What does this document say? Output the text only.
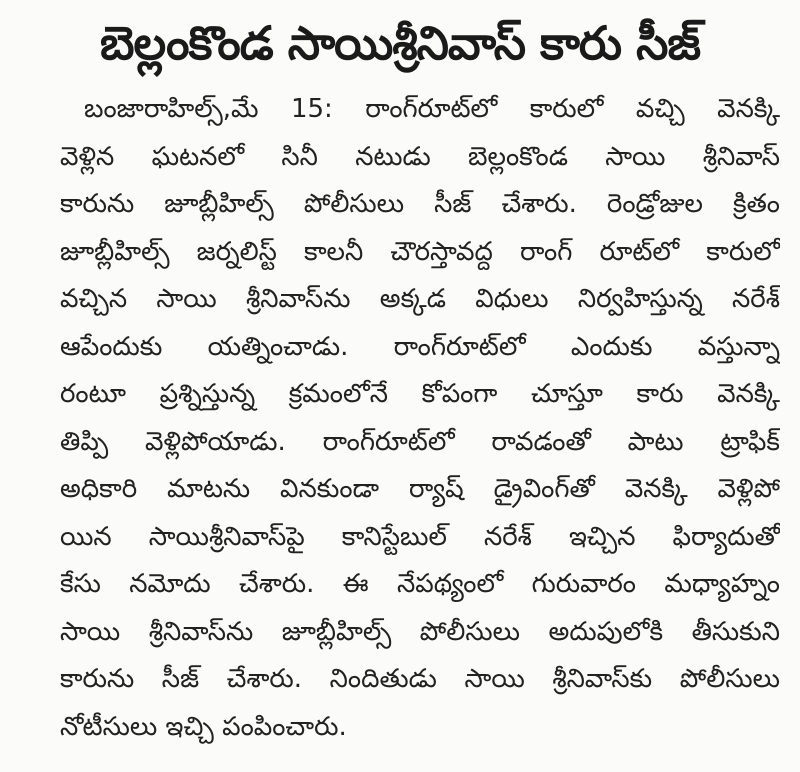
బెల్లంకొండ సాయిశ్రీనివాస్ కారు సీజ్
బంజారాహిల్స్,మే 15: రాంగ్‌రూట్‌లో కారులో వచ్చి వెనక్కి
వెళ్లిన ఘటనలో సినీ నటుడు బెల్లంకొండ సాయి శ్రీనివాస్
కారును జూబ్లీహిల్స్ పోలీసులు సీజ్ చేశారు. రెండ్రోజుల క్రితం
జూబ్లీహిల్స్ జర్నలిస్ట్ కాలనీ చౌరస్తావద్ద రాంగ్ రూట్‌లో కారులో
వచ్చిన సాయి శ్రీనివాస్‌ను అక్కడ విధులు నిర్వహిస్తున్న నరేశ్
ఆపేందుకు యత్నించాడు. రాంగ్‌రూట్‌లో ఎందుకు వస్తున్నా
రంటూ ప్రశ్నిస్తున్న క్రమంలోనే కోపంగా చూస్తూ కారు వెనక్కి
తిప్పి వెళ్లిపోయాడు. రాంగ్‌రూట్‌లో రావడంతో పాటు ట్రాఫిక్
అధికారి మాటను వినకుండా ర్యాష్ డ్రైవింగ్‌తో వెనక్కి వెళ్లిపో
యిన సాయిశ్రీనివాస్‌పై కానిస్టేబుల్ నరేశ్ ఇచ్చిన ఫిర్యాదుతో
కేసు నమోదు చేశారు. ఈ నేపథ్యంలో గురువారం మధ్యాహ్నం
సాయి శ్రీనివాస్‌ను జూబ్లీహిల్స్ పోలీసులు అదుపులోకి తీసుకుని
కారును సీజ్ చేశారు. నిందితుడు సాయి శ్రీనివాస్‌కు పోలీసులు
నోటీసులు ఇచ్చి పంపించారు.
